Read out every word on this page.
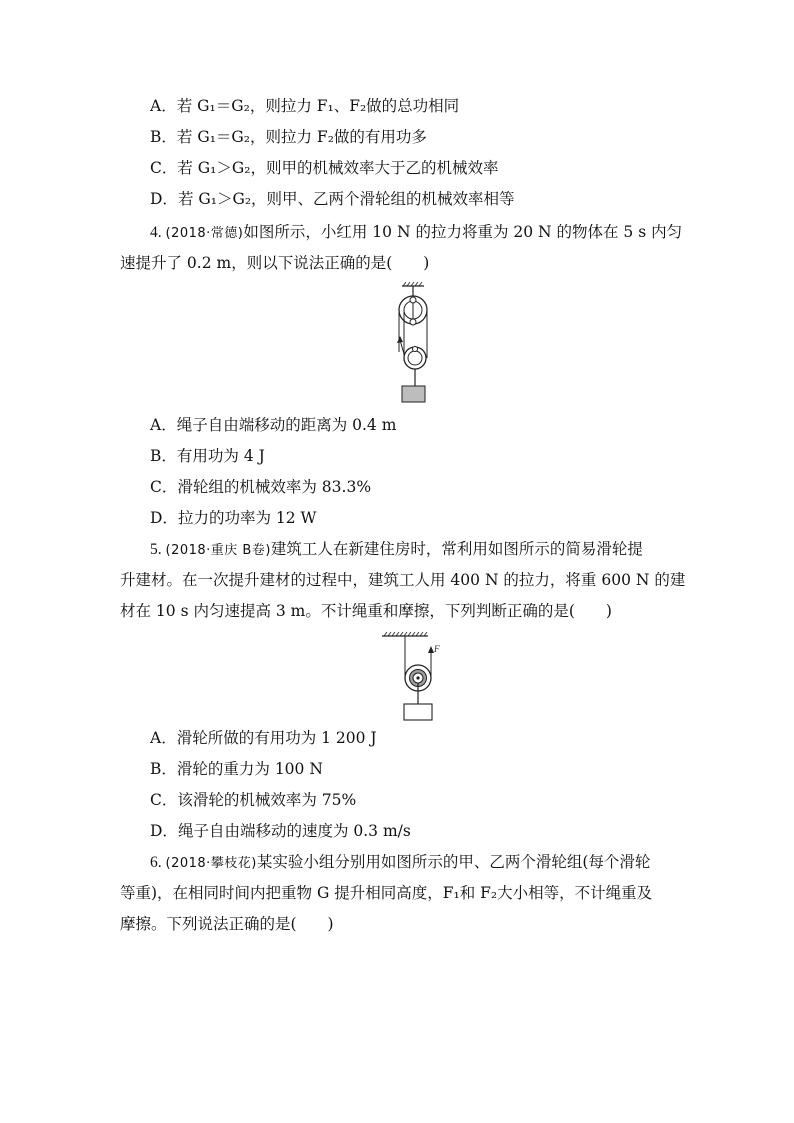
A．若 G₁＝G₂，则拉力 F₁、F₂做的总功相同
B．若 G₁＝G₂，则拉力 F₂做的有用功多
C．若 G₁＞G₂，则甲的机械效率大于乙的机械效率
D．若 G₁＞G₂，则甲、乙两个滑轮组的机械效率相等
4. (2018·常德)如图所示，小红用 10 N 的拉力将重为 20 N 的物体在 5 s 内匀
速提升了 0.2 m，则以下说法正确的是(　　)
A．绳子自由端移动的距离为 0.4 m
B．有用功为 4 J
C．滑轮组的机械效率为 83.3%
D．拉力的功率为 12 W
5. (2018·重庆 B卷)建筑工人在新建住房时，常利用如图所示的简易滑轮提
升建材。在一次提升建材的过程中，建筑工人用 400 N 的拉力，将重 600 N 的建
材在 10 s 内匀速提高 3 m。不计绳重和摩擦，下列判断正确的是(　　)
F
A．滑轮所做的有用功为 1 200 J
B．滑轮的重力为 100 N
C．该滑轮的机械效率为 75%
D．绳子自由端移动的速度为 0.3 m/s
6. (2018·攀枝花)某实验小组分别用如图所示的甲、乙两个滑轮组(每个滑轮
等重)，在相同时间内把重物 G 提升相同高度，F₁和 F₂大小相等，不计绳重及
摩擦。下列说法正确的是(　　)
